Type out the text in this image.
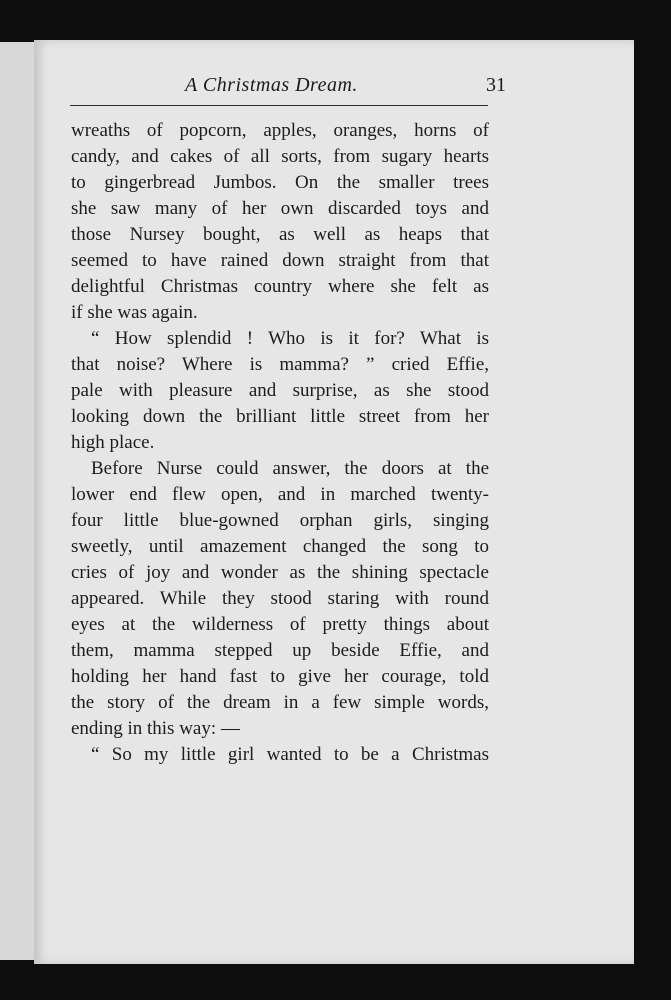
A Christmas Dream.	31
wreaths of popcorn, apples, oranges, horns of
candy, and cakes of all sorts, from sugary hearts
to gingerbread Jumbos. On the smaller trees
she saw many of her own discarded toys and
those Nursey bought, as well as heaps that
seemed to have rained down straight from that
delightful Christmas country where she felt as
if she was again.
“ How splendid ! Who is it for? What is
that noise? Where is mamma? ” cried Effie,
pale with pleasure and surprise, as she stood
looking down the brilliant little street from her
high place.
Before Nurse could answer, the doors at the
lower end flew open, and in marched twenty-
four little blue-gowned orphan girls, singing
sweetly, until amazement changed the song to
cries of joy and wonder as the shining spectacle
appeared. While they stood staring with round
eyes at the wilderness of pretty things about
them, mamma stepped up beside Effie, and
holding her hand fast to give her courage, told
the story of the dream in a few simple words,
ending in this way: —
“ So my little girl wanted to be a Christmas
